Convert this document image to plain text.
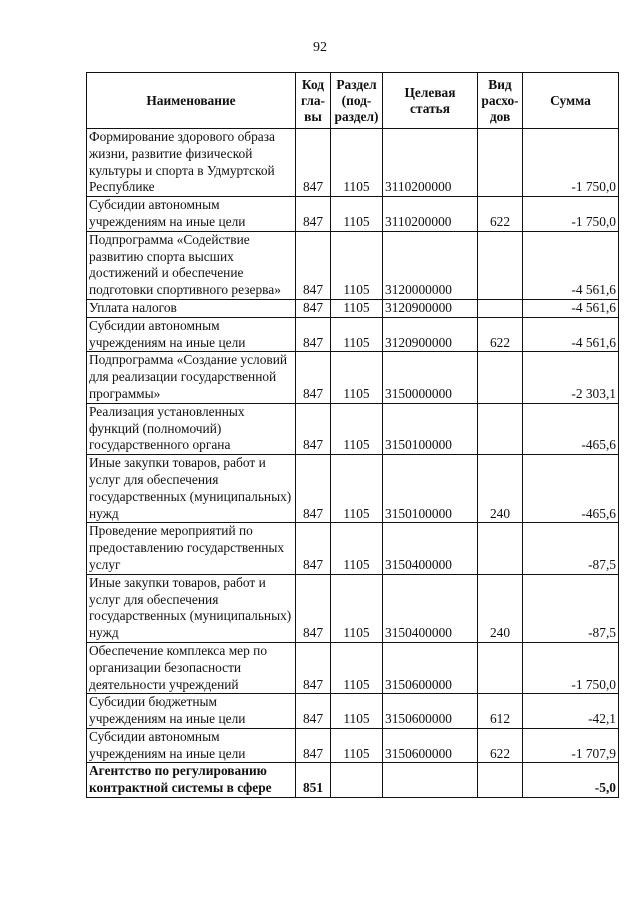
92
Наименование	Код гла- вы	Раздел (под- раздел)	Целевая статья	Вид расхо- дов	Сумма
Формирование здорового образа жизни, развитие физической культуры и спорта в Удмуртской Республике	847	1105	3110200000		-1 750,0
Субсидии автономным учреждениям на иные цели	847	1105	3110200000	622	-1 750,0
Подпрограмма «Содействие развитию спорта высших достижений и обеспечение подготовки спортивного резерва»	847	1105	3120000000		-4 561,6
Уплата налогов	847	1105	3120900000		-4 561,6
Субсидии автономным учреждениям на иные цели	847	1105	3120900000	622	-4 561,6
Подпрограмма «Создание условий для реализации государственной программы»	847	1105	3150000000		-2 303,1
Реализация установленных функций (полномочий) государственного органа	847	1105	3150100000		-465,6
Иные закупки товаров, работ и услуг для обеспечения государственных (муниципальных) нужд	847	1105	3150100000	240	-465,6
Проведение мероприятий по предоставлению государственных услуг	847	1105	3150400000		-87,5
Иные закупки товаров, работ и услуг для обеспечения государственных (муниципальных) нужд	847	1105	3150400000	240	-87,5
Обеспечение комплекса мер по организации безопасности деятельности учреждений	847	1105	3150600000		-1 750,0
Субсидии бюджетным учреждениям на иные цели	847	1105	3150600000	612	-42,1
Субсидии автономным учреждениям на иные цели	847	1105	3150600000	622	-1 707,9
Агентство по регулированию контрактной системы в сфере	851				-5,0
